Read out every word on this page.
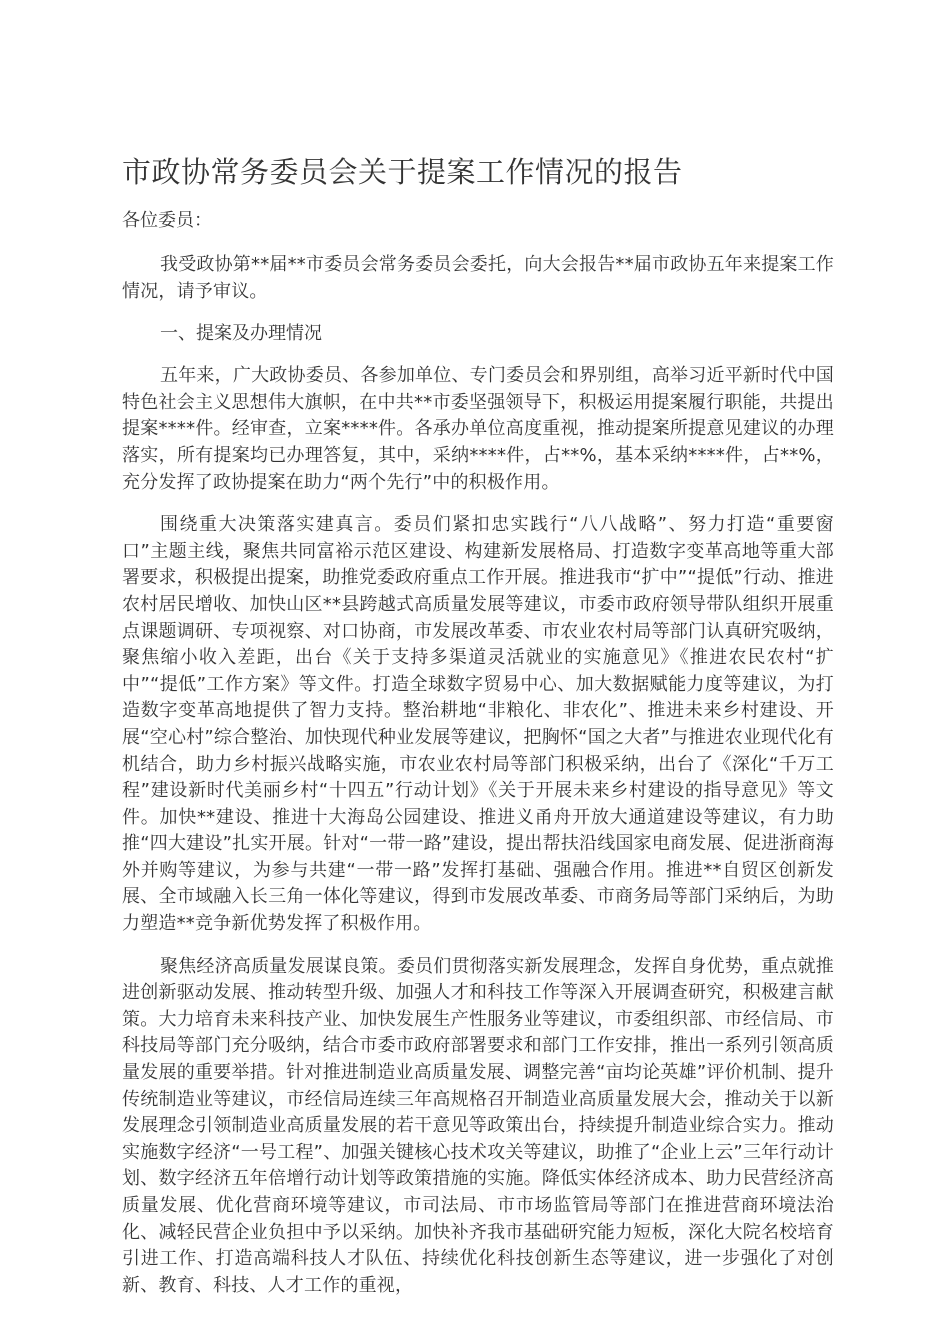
市政协常务委员会关于提案工作情况的报告

各位委员：

我受政协第**届**市委员会常务委员会委托，向大会报告**届市政协五年来提案工作情况，请予审议。

一、提案及办理情况

五年来，广大政协委员、各参加单位、专门委员会和界别组，高举习近平新时代中国特色社会主义思想伟大旗帜，在中共**市委坚强领导下，积极运用提案履行职能，共提出提案****件。经审查，立案****件。各承办单位高度重视，推动提案所提意见建议的办理落实，所有提案均已办理答复，其中，采纳****件，占**%，基本采纳****件，占**%，充分发挥了政协提案在助力“两个先行”中的积极作用。

围绕重大决策落实建真言。委员们紧扣忠实践行“八八战略”、努力打造“重要窗口”主题主线，聚焦共同富裕示范区建设、构建新发展格局、打造数字变革高地等重大部署要求，积极提出提案，助推党委政府重点工作开展。推进我市“扩中”“提低”行动、推进农村居民增收、加快山区**县跨越式高质量发展等建议，市委市政府领导带队组织开展重点课题调研、专项视察、对口协商，市发展改革委、市农业农村局等部门认真研究吸纳，聚焦缩小收入差距，出台《关于支持多渠道灵活就业的实施意见》《推进农民农村“扩中”“提低”工作方案》等文件。打造全球数字贸易中心、加大数据赋能力度等建议，为打造数字变革高地提供了智力支持。整治耕地“非粮化、非农化”、推进未来乡村建设、开展“空心村”综合整治、加快现代种业发展等建议，把胸怀“国之大者”与推进农业现代化有机结合，助力乡村振兴战略实施，市农业农村局等部门积极采纳，出台了《深化“千万工程”建设新时代美丽乡村“十四五”行动计划》《关于开展未来乡村建设的指导意见》等文件。加快**建设、推进十大海岛公园建设、推进义甬舟开放大通道建设等建议，有力助推“四大建设”扎实开展。针对“一带一路”建设，提出帮扶沿线国家电商发展、促进浙商海外并购等建议，为参与共建“一带一路”发挥打基础、强融合作用。推进**自贸区创新发展、全市域融入长三角一体化等建议，得到市发展改革委、市商务局等部门采纳后，为助力塑造**竞争新优势发挥了积极作用。

聚焦经济高质量发展谋良策。委员们贯彻落实新发展理念，发挥自身优势，重点就推进创新驱动发展、推动转型升级、加强人才和科技工作等深入开展调查研究，积极建言献策。大力培育未来科技产业、加快发展生产性服务业等建议，市委组织部、市经信局、市科技局等部门充分吸纳，结合市委市政府部署要求和部门工作安排，推出一系列引领高质量发展的重要举措。针对推进制造业高质量发展、调整完善“亩均论英雄”评价机制、提升传统制造业等建议，市经信局连续三年高规格召开制造业高质量发展大会，推动关于以新发展理念引领制造业高质量发展的若干意见等政策出台，持续提升制造业综合实力。推动实施数字经济“一号工程”、加强关键核心技术攻关等建议，助推了“企业上云”三年行动计划、数字经济五年倍增行动计划等政策措施的实施。降低实体经济成本、助力民营经济高质量发展、优化营商环境等建议，市司法局、市市场监管局等部门在推进营商环境法治化、减轻民营企业负担中予以采纳。加快补齐我市基础研究能力短板，深化大院名校培育引进工作、打造高端科技人才队伍、持续优化科技创新生态等建议，进一步强化了对创新、教育、科技、人才工作的重视，
